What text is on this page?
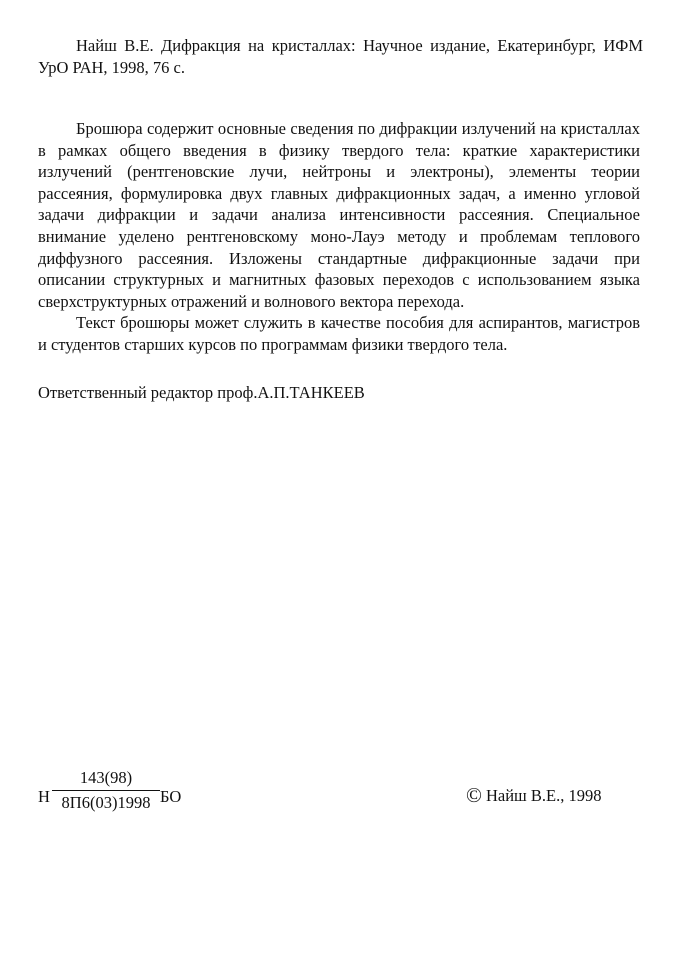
Найш В.Е. Дифракция на кристаллах: Научное издание, Екатеринбург, ИФМ УрО РАН, 1998, 76 с.

Брошюра содержит основные сведения по дифракции излучений на кристаллах в рамках общего введения в физику твердого тела: краткие характеристики излучений (рентгеновские лучи, нейтроны и электроны), элементы теории рассеяния, формулировка двух главных дифракционных задач, а именно угловой задачи дифракции и задачи анализа интенсивности рассеяния. Специальное внимание уделено рентгеновскому моно-Лауэ методу и проблемам теплового диффузного рассеяния. Изложены стандартные дифракционные задачи при описании структурных и магнитных фазовых переходов с использованием языка сверхструктурных отражений и волнового вектора перехода.

Текст брошюры может служить в качестве пособия для аспирантов, магистров и студентов старших курсов по программам физики твердого тела.

Ответственный редактор проф.А.П.ТАНКЕЕВ
Н
143(98)
8П6(03)1998 БО	© Найш В.Е., 1998
